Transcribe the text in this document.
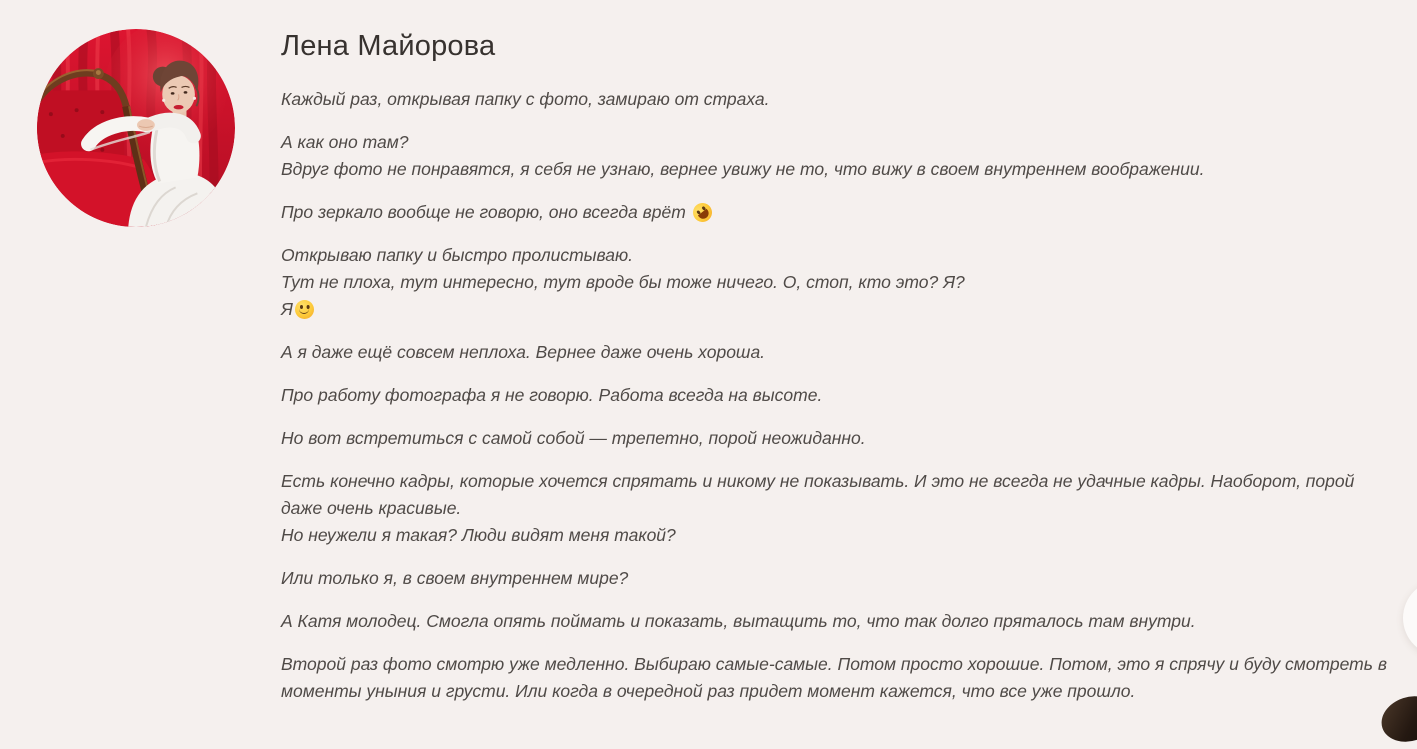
Лена Майорова

Каждый раз, открывая папку с фото, замираю от страха.

А как оно там?
Вдруг фото не понравятся, я себя не узнаю, вернее увижу не то, что вижу в своем внутреннем воображении.

Про зеркало вообще не говорю, оно всегда врёт

Открываю папку и быстро пролистываю.
Тут не плоха, тут интересно, тут вроде бы тоже ничего. О, стоп, кто это? Я?
Я

А я даже ещё совсем неплоха. Вернее даже очень хороша.

Про работу фотографа я не говорю. Работа всегда на высоте.

Но вот встретиться с самой собой — трепетно, порой неожиданно.

Есть конечно кадры, которые хочется спрятать и никому не показывать. И это не всегда не удачные кадры. Наоборот, порой даже очень красивые.
Но неужели я такая? Люди видят меня такой?

Или только я, в своем внутреннем мире?

А Катя молодец. Смогла опять поймать и показать, вытащить то, что так долго пряталось там внутри.

Второй раз фото смотрю уже медленно. Выбираю самые-самые. Потом просто хорошие. Потом, это я спрячу и буду смотреть в моменты уныния и грусти. Или когда в очередной раз придет момент кажется, что все уже прошло.
